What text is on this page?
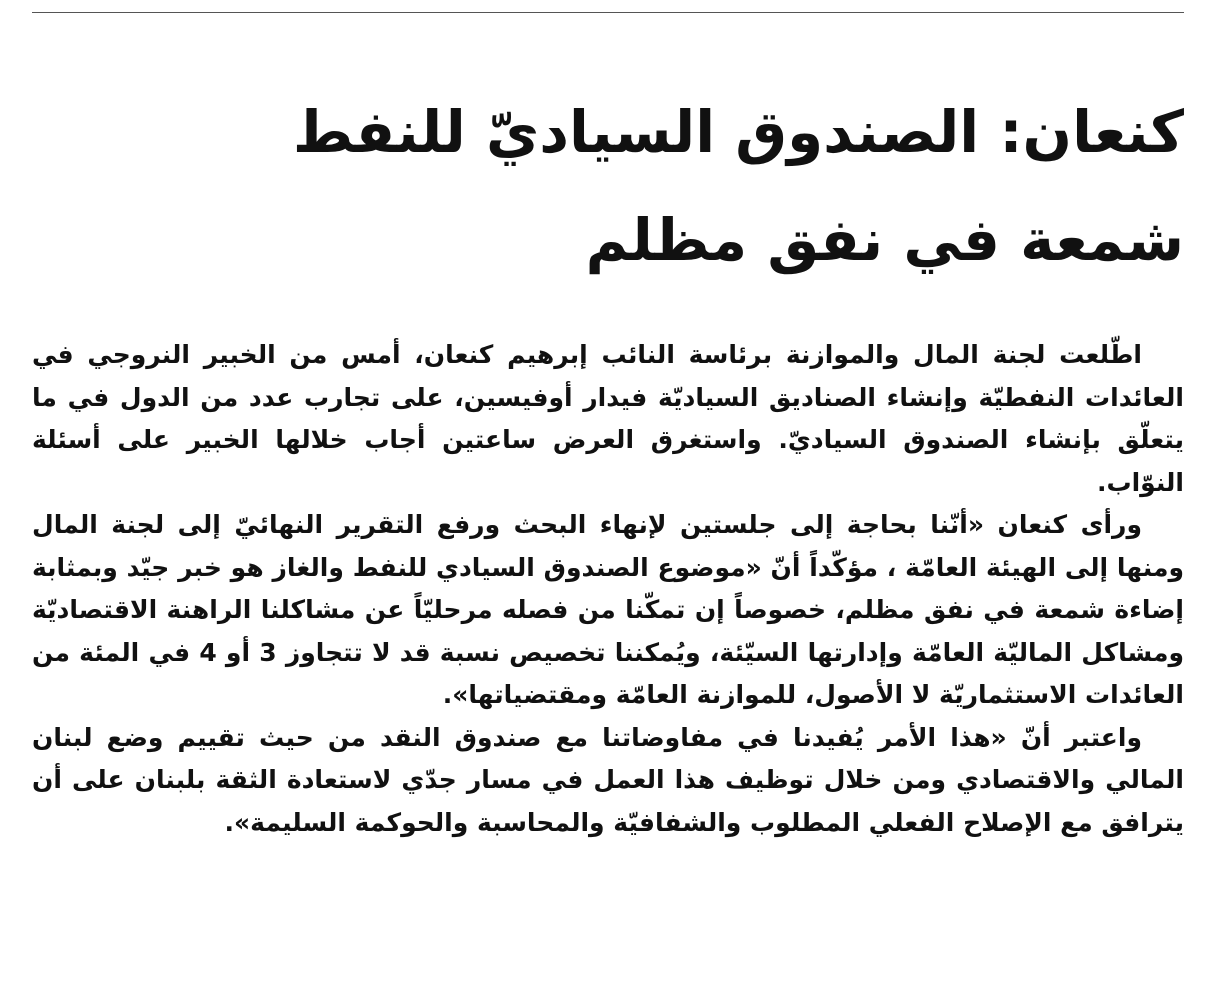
كنعان: الصندوق السياديّ للنفط
شمعة في نفق مظلم

اطّلعت لجنة المال والموازنة برئاسة النائب إبرهيم كنعان، أمس من الخبير النروجي في العائدات النفطيّة وإنشاء الصناديق السياديّة فيدار أوفيسين، على تجارب عدد من الدول في ما يتعلّق بإنشاء الصندوق السياديّ. واستغرق العرض ساعتين أجاب خلالها الخبير على أسئلة النوّاب.

ورأى كنعان «أنّنا بحاجة إلى جلستين لإنهاء البحث ورفع التقرير النهائيّ إلى لجنة المال ومنها إلى الهيئة العامّة ، مؤكّداً أنّ «موضوع الصندوق السيادي للنفط والغاز هو خبر جيّد وبمثابة إضاءة شمعة في نفق مظلم، خصوصاً إن تمكّنا من فصله مرحليّاً عن مشاكلنا الراهنة الاقتصاديّة ومشاكل الماليّة العامّة وإدارتها السيّئة، ويُمكننا تخصيص نسبة قد لا تتجاوز 3 أو 4 في المئة من العائدات الاستثماريّة لا الأصول، للموازنة العامّة ومقتضياتها».

واعتبر أنّ «هذا الأمر يُفيدنا في مفاوضاتنا مع صندوق النقد من حيث تقييم وضع لبنان المالي والاقتصادي ومن خلال توظيف هذا العمل في مسار جدّي لاستعادة الثقة بلبنان على أن يترافق مع الإصلاح الفعلي المطلوب والشفافيّة والمحاسبة والحوكمة السليمة».
